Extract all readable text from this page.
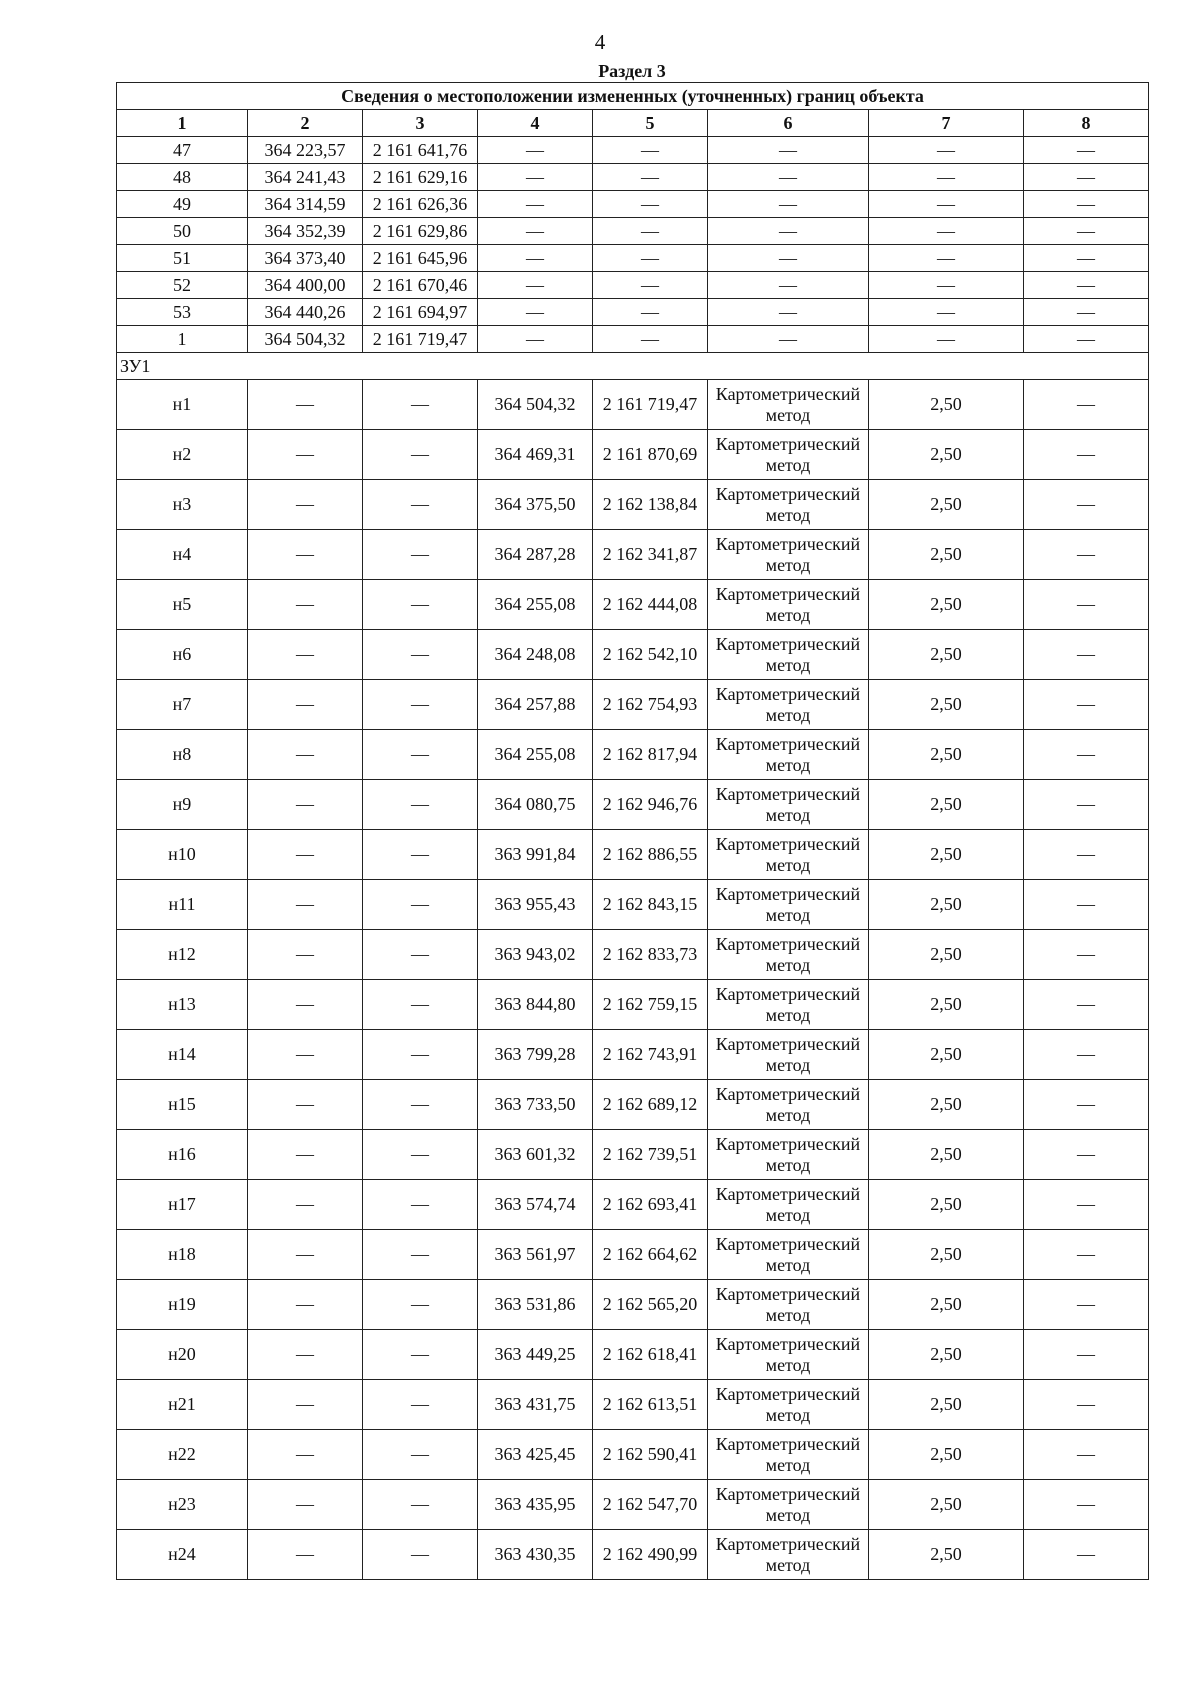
4
Раздел 3
Сведения о местоположении измененных (уточненных) границ объекта							
1	2	3	4	5	6	7	8
47	364 223,57	2 161 641,76	—	—	—	—	—
48	364 241,43	2 161 629,16	—	—	—	—	—
49	364 314,59	2 161 626,36	—	—	—	—	—
50	364 352,39	2 161 629,86	—	—	—	—	—
51	364 373,40	2 161 645,96	—	—	—	—	—
52	364 400,00	2 161 670,46	—	—	—	—	—
53	364 440,26	2 161 694,97	—	—	—	—	—
1	364 504,32	2 161 719,47	—	—	—	—	—
ЗУ1							
н1	—	—	364 504,32	2 161 719,47	Картометрический метод	2,50	—
н2	—	—	364 469,31	2 161 870,69	Картометрический метод	2,50	—
н3	—	—	364 375,50	2 162 138,84	Картометрический метод	2,50	—
н4	—	—	364 287,28	2 162 341,87	Картометрический метод	2,50	—
н5	—	—	364 255,08	2 162 444,08	Картометрический метод	2,50	—
н6	—	—	364 248,08	2 162 542,10	Картометрический метод	2,50	—
н7	—	—	364 257,88	2 162 754,93	Картометрический метод	2,50	—
н8	—	—	364 255,08	2 162 817,94	Картометрический метод	2,50	—
н9	—	—	364 080,75	2 162 946,76	Картометрический метод	2,50	—
н10	—	—	363 991,84	2 162 886,55	Картометрический метод	2,50	—
н11	—	—	363 955,43	2 162 843,15	Картометрический метод	2,50	—
н12	—	—	363 943,02	2 162 833,73	Картометрический метод	2,50	—
н13	—	—	363 844,80	2 162 759,15	Картометрический метод	2,50	—
н14	—	—	363 799,28	2 162 743,91	Картометрический метод	2,50	—
н15	—	—	363 733,50	2 162 689,12	Картометрический метод	2,50	—
н16	—	—	363 601,32	2 162 739,51	Картометрический метод	2,50	—
н17	—	—	363 574,74	2 162 693,41	Картометрический метод	2,50	—
н18	—	—	363 561,97	2 162 664,62	Картометрический метод	2,50	—
н19	—	—	363 531,86	2 162 565,20	Картометрический метод	2,50	—
н20	—	—	363 449,25	2 162 618,41	Картометрический метод	2,50	—
н21	—	—	363 431,75	2 162 613,51	Картометрический метод	2,50	—
н22	—	—	363 425,45	2 162 590,41	Картометрический метод	2,50	—
н23	—	—	363 435,95	2 162 547,70	Картометрический метод	2,50	—
н24	—	—	363 430,35	2 162 490,99	Картометрический метод	2,50	—
